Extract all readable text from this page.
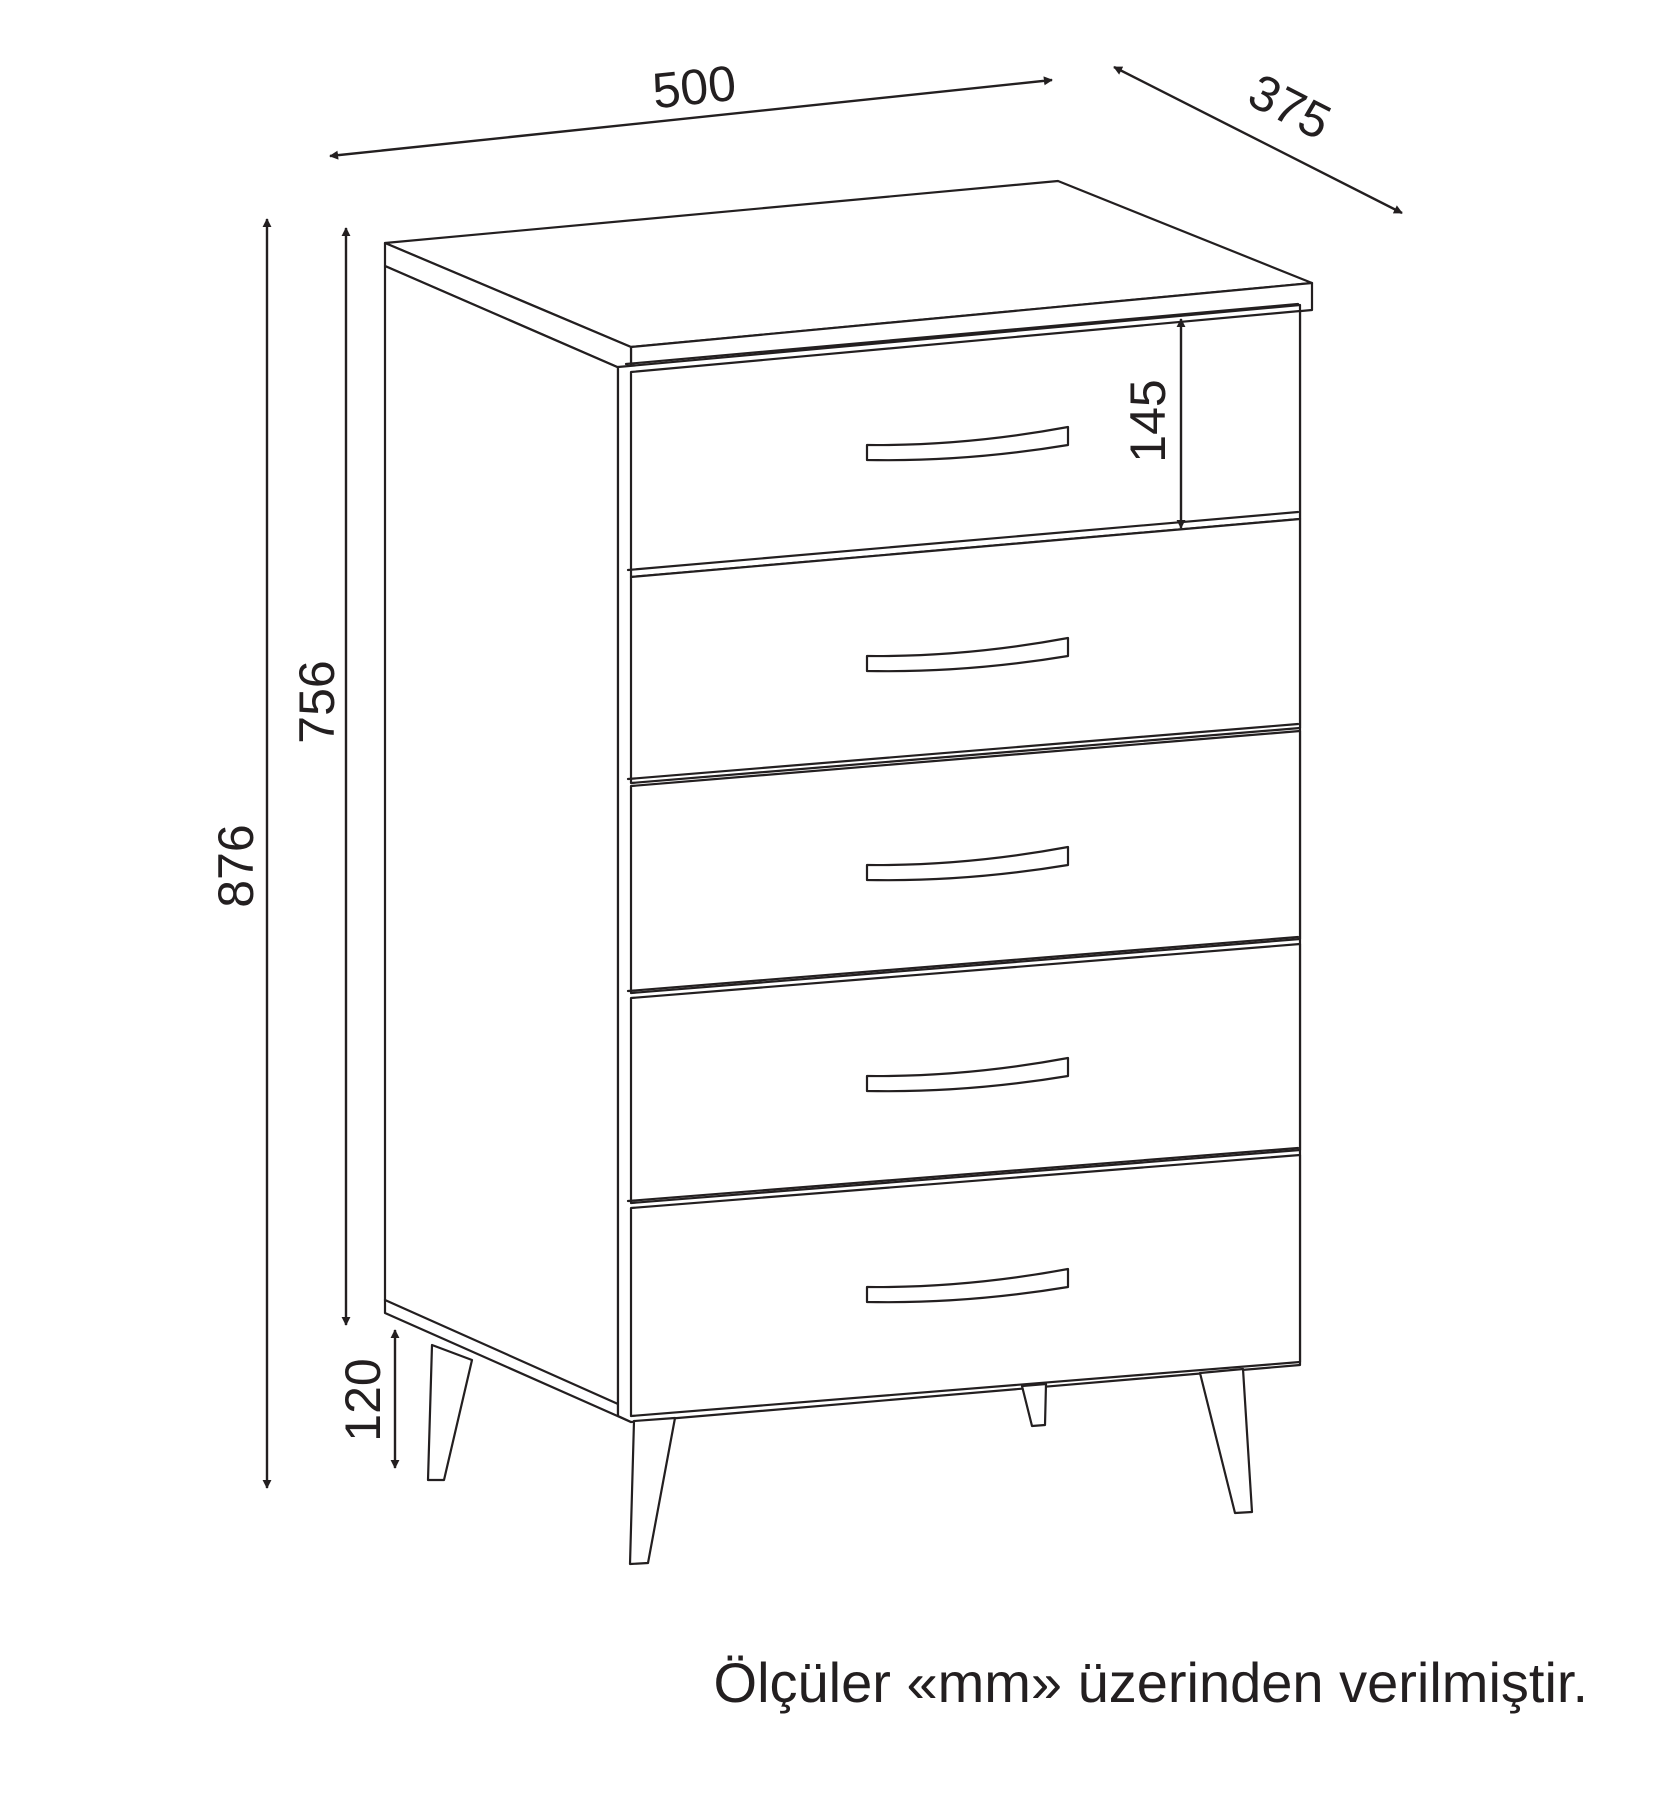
500	375
876
756
145
120
Ölçüler «mm» üzerinden verilmiştir.
